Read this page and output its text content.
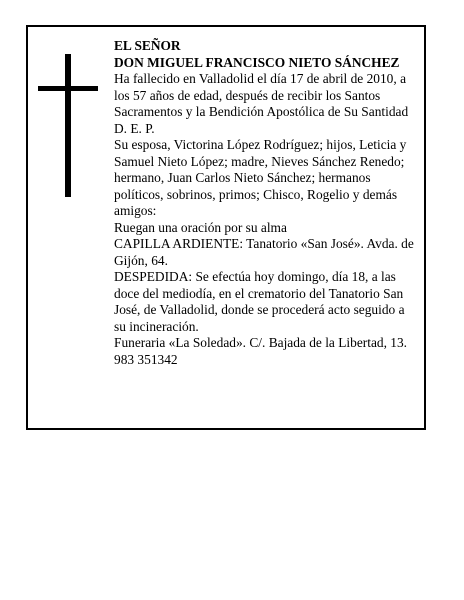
EL SEÑOR

DON MIGUEL FRANCISCO NIETO SÁNCHEZ

Ha fallecido en Valladolid el día 17 de abril de 2010, a los 57 años de edad, después de recibir los Santos Sacramentos y la Bendición Apostólica de Su Santidad

D. E. P.

Su esposa, Victorina López Rodríguez; hijos, Leticia y Samuel Nieto López; madre, Nieves Sánchez Renedo; hermano, Juan Carlos Nieto Sánchez; hermanos políticos, sobrinos, primos; Chisco, Rogelio y demás amigos:

Ruegan una oración por su alma

CAPILLA ARDIENTE: Tanatorio «San José». Avda. de Gijón, 64.

DESPEDIDA: Se efectúa hoy domingo, día 18, a las doce del mediodía, en el crematorio del Tanatorio San José, de Valladolid, donde se procederá acto seguido a su incineración.

Funeraria «La Soledad». C/. Bajada de la Libertad, 13.

983 351342
